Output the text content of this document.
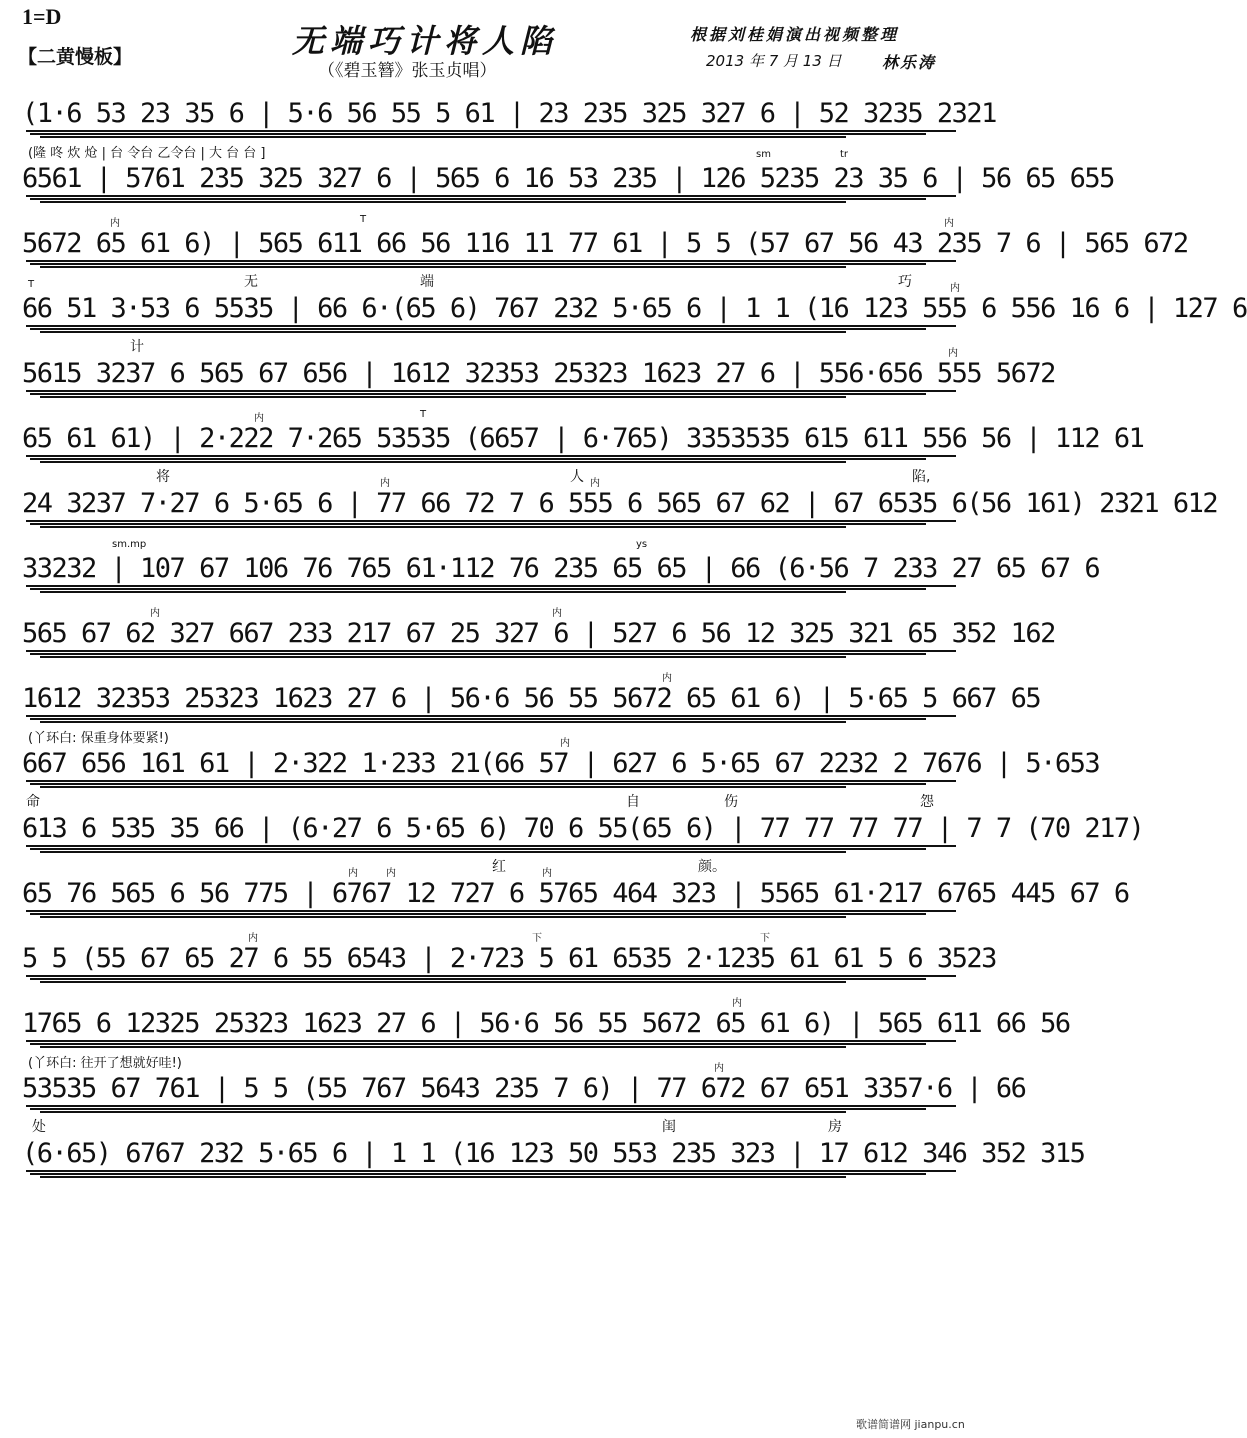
1=D
【二黄慢板】	无端巧计将人陷
（《碧玉簪》张玉贞唱）
根据刘桂娟演出视频整理
2013 年 7 月 13 日	林乐涛
(1·6 53 23 35 6 | 5·6 56 55 5 61 | 23 235 325 327 6 | 52 3235 2321
(隆 咚 炊 炝 | 台 令台 乙令台 | 大 台 台 ]	sm	tr
6561 | 5761 235 325 327 6 | 565 6 16 53 235 | 126 5235 23 35 6 | 56 65 655
内	T	内
5672 65 61 6) | 565 611 66 56 116 11 77 61 | 5 5 (57 67 56 43 235 7 6 | 565 672
无	端	巧
T	内
66 51 3·53 6 5535 | 66 6·(65 6) 767 232 5·65 6 | 1 1 (16 123 555 6 556 16 6 | 127 6
计	内
5615 3237 6 565 67 656 | 1612 32353 25323 1623 27 6 | 556·656 555 5672
内	T
65 61 61) | 2·222 7·265 53535 (6657 | 6·765) 3353535 615 611 556 56 | 112 61
将	人	陷,
内	内
24 3237 7·27 6 5·65 6 | 77 66 72 7 6 555 6 565 67 62 | 67 6535 6(56 161) 2321 612
sm.mp	ys
33232 | 107 67 106 76 765 61·112 76 235 65 65 | 66 (6·56 7 233 27 65 67 6
内	内
565 67 62 327 667 233 217 67 25 327 6 | 527 6 56 12 325 321 65 352 162
内
1612 32353 25323 1623 27 6 | 56·6 56 55 5672 65 61 6) | 5·65 5 667 65
(丫环白: 保重身体要紧!)	内
667 656 161 61 | 2·322 1·233 21(66 57 | 627 6 5·65 67 2232 2 7676 | 5·653
命	自	伤	怨
613 6 535 35 66 | (6·27 6 5·65 6) 70 6 55(65 6) | 77 77 77 77 | 7 7 (70 217)
红	颜。
内	内	内
65 76 565 6 56 775 | 6767 12 727 6 5765 464 323 | 5565 61·217 6765 445 67 6
内	下	下
5 5 (55 67 65 27 6 55 6543 | 2·723 5 61 6535 2·1235 61 61 5 6 3523
内
1765 6 12325 25323 1623 27 6 | 56·6 56 55 5672 65 61 6) | 565 611 66 56
(丫环白: 往开了想就好哇!)	内
53535 67 761 | 5 5 (55 767 5643 235 7 6) | 77 672 67 651 3357·6 | 66
处	闺	房
(6·65) 6767 232 5·65 6 | 1 1 (16 123 50 553 235 323 | 17 612 346 352 315
歌谱简谱网 jianpu.cn
